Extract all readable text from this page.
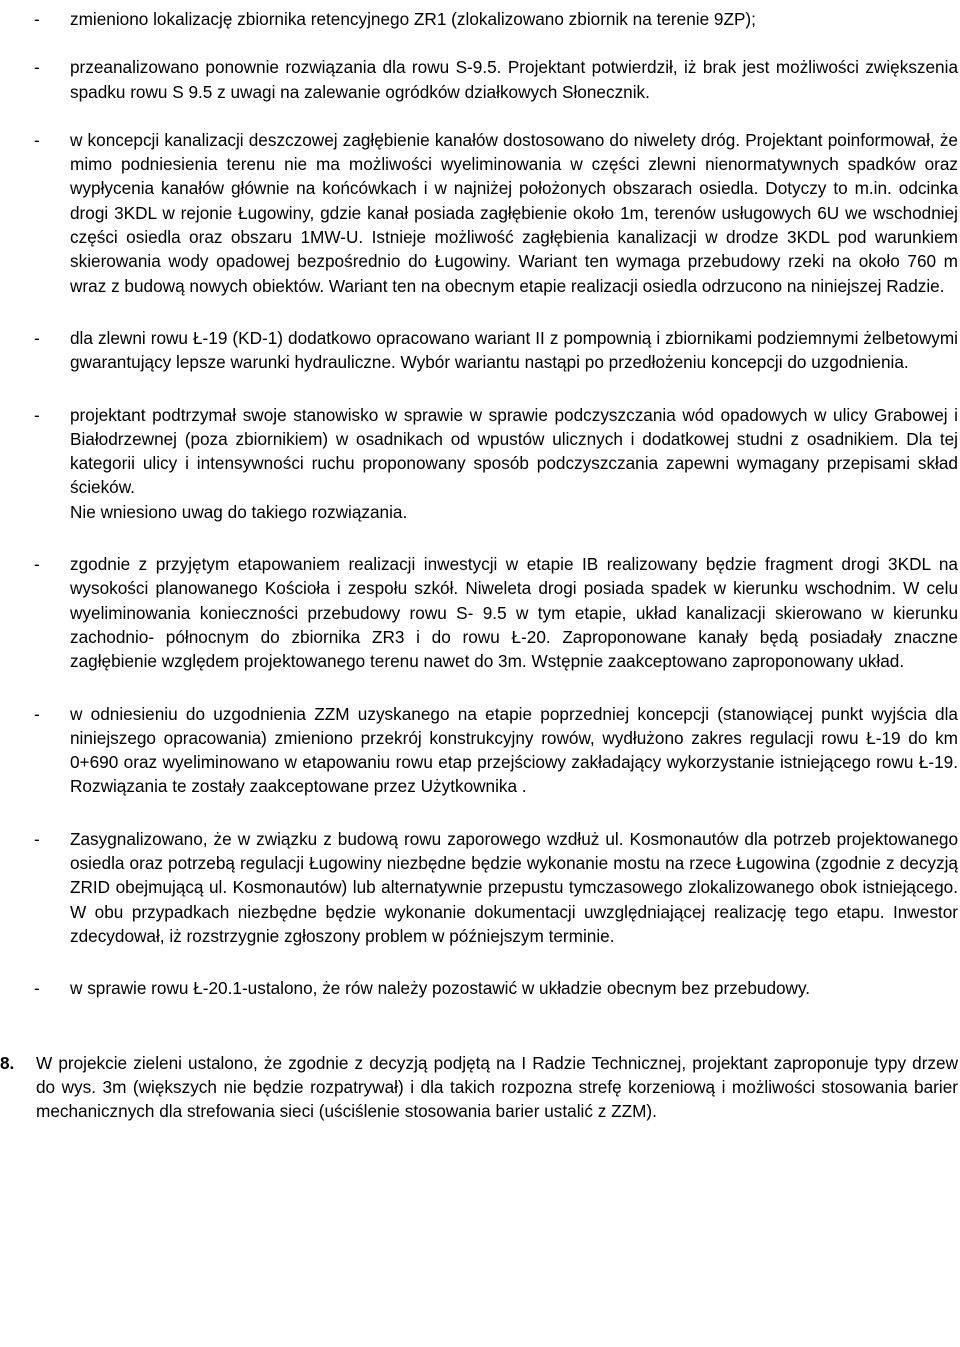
- zmieniono lokalizację zbiornika retencyjnego ZR1 (zlokalizowano zbiornik na terenie 9ZP);

- przeanalizowano ponownie rozwiązania dla rowu S-9.5. Projektant potwierdził, iż brak jest możliwości zwiększenia spadku rowu S 9.5 z uwagi na zalewanie ogródków działkowych Słonecznik.

- w koncepcji kanalizacji deszczowej zagłębienie kanałów dostosowano do niwelety dróg. Projektant poinformował, że mimo podniesienia terenu nie ma możliwości wyeliminowania w części zlewni nienormatywnych spadków oraz wypłycenia kanałów głównie na końcówkach i w najniżej położonych obszarach osiedla. Dotyczy to m.in. odcinka drogi 3KDL w rejonie Ługowiny, gdzie kanał posiada zagłębienie około 1m, terenów usługowych 6U we wschodniej części osiedla oraz obszaru 1MW-U. Istnieje możliwość zagłębienia kanalizacji w drodze 3KDL pod warunkiem skierowania wody opadowej bezpośrednio do Ługowiny. Wariant ten wymaga przebudowy rzeki na około 760 m wraz z budową nowych obiektów. Wariant ten na obecnym etapie realizacji osiedla odrzucono na niniejszej Radzie.

- dla zlewni rowu Ł-19 (KD-1) dodatkowo opracowano wariant II z pompownią i zbiornikami podziemnymi żelbetowymi gwarantujący lepsze warunki hydrauliczne. Wybór wariantu nastąpi po przedłożeniu koncepcji do uzgodnienia.

- projektant podtrzymał swoje stanowisko w sprawie w sprawie podczyszczania wód opadowych w ulicy Grabowej i Białodrzewnej (poza zbiornikiem) w osadnikach od wpustów ulicznych i dodatkowej studni z osadnikiem. Dla tej kategorii ulicy i intensywności ruchu proponowany sposób podczyszczania zapewni wymagany przepisami skład ścieków.

Nie wniesiono uwag do takiego rozwiązania.

- zgodnie z przyjętym etapowaniem realizacji inwestycji w etapie IB realizowany będzie fragment drogi 3KDL na wysokości planowanego Kościoła i zespołu szkół. Niweleta drogi posiada spadek w kierunku wschodnim. W celu wyeliminowania konieczności przebudowy rowu S- 9.5 w tym etapie, układ kanalizacji skierowano w kierunku zachodnio- północnym do zbiornika ZR3 i do rowu Ł-20. Zaproponowane kanały będą posiadały znaczne zagłębienie względem projektowanego terenu nawet do 3m. Wstępnie zaakceptowano zaproponowany układ.

- w odniesieniu do uzgodnienia ZZM uzyskanego na etapie poprzedniej koncepcji (stanowiącej punkt wyjścia dla niniejszego opracowania) zmieniono przekrój konstrukcyjny rowów, wydłużono zakres regulacji rowu Ł-19 do km 0+690 oraz wyeliminowano w etapowaniu rowu etap przejściowy zakładający wykorzystanie istniejącego rowu Ł-19. Rozwiązania te zostały zaakceptowane przez Użytkownika .

- Zasygnalizowano, że w związku z budową rowu zaporowego wzdłuż ul. Kosmonautów dla potrzeb projektowanego osiedla oraz potrzebą regulacji Ługowiny niezbędne będzie wykonanie mostu na rzece Ługowina (zgodnie z decyzją ZRID obejmującą ul. Kosmonautów) lub alternatywnie przepustu tymczasowego zlokalizowanego obok istniejącego. W obu przypadkach niezbędne będzie wykonanie dokumentacji uwzględniającej realizację tego etapu. Inwestor zdecydował, iż rozstrzygnie zgłoszony problem w późniejszym terminie.

- w sprawie rowu Ł-20.1-ustalono, że rów należy pozostawić w układzie obecnym bez przebudowy.

8. W projekcie zieleni ustalono, że zgodnie z decyzją podjętą na I Radzie Technicznej, projektant zaproponuje typy drzew do wys. 3m (większych nie będzie rozpatrywał) i dla takich rozpozna strefę korzeniową i możliwości stosowania barier mechanicznych dla strefowania sieci (uściślenie stosowania barier ustalić z ZZM).
